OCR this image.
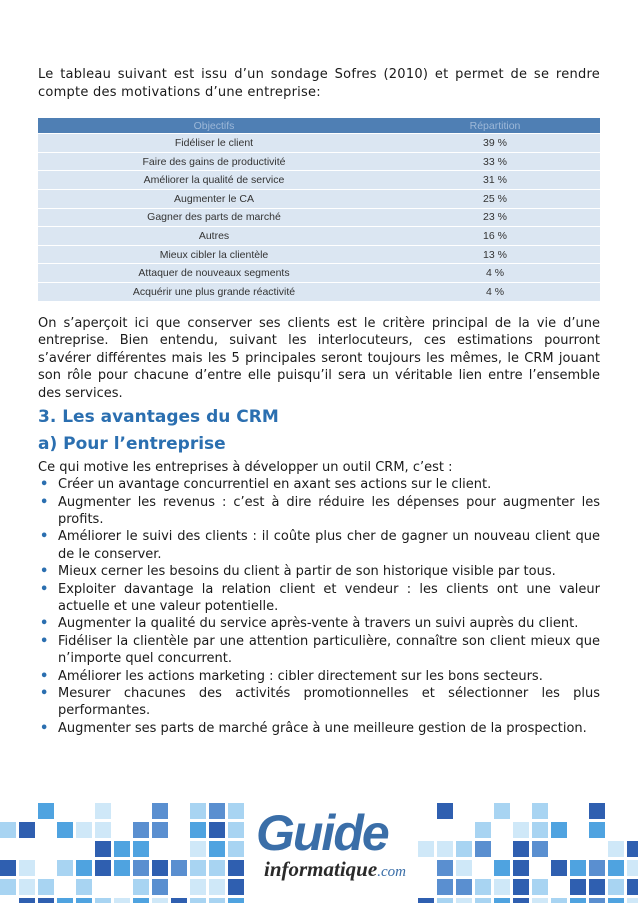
Le tableau suivant est issu d’un sondage Sofres (2010) et permet de se rendre compte des motivations d’une entreprise:

Objectifs	Répartition
Fidéliser le client	39 %
Faire des gains de productivité	33 %
Améliorer la qualité de service	31 %
Augmenter le CA	25 %
Gagner des parts de marché	23 %
Autres	16 %
Mieux cibler la clientèle	13 %
Attaquer de nouveaux segments	4 %
Acquérir une plus grande réactivité	4 %

On s’aperçoit ici que conserver ses clients est le critère principal de la vie d’une entreprise. Bien entendu, suivant les interlocuteurs, ces estimations pourront s’avérer différentes mais les 5 principales seront toujours les mêmes, le CRM jouant son rôle pour chacune d’entre elle puisqu’il sera un véritable lien entre l’ensemble des services.

3. Les avantages du CRM
a) Pour l’entreprise

Ce qui motive les entreprises à développer un outil CRM, c’est :

• Créer un avantage concurrentiel en axant ses actions sur le client.
• Augmenter les revenus : c’est à dire réduire les dépenses pour augmenter les profits.
• Améliorer le suivi des clients : il coûte plus cher de gagner un nouveau client que de le conserver.
• Mieux cerner les besoins du client à partir de son historique visible par tous.
• Exploiter davantage la relation client et vendeur : les clients ont une valeur actuelle et une valeur potentielle.
• Augmenter la qualité du service après-vente à travers un suivi auprès du client.
• Fidéliser la clientèle par une attention particulière, connaître son client mieux que n’importe quel concurrent.
• Améliorer les actions marketing : cibler directement sur les bons secteurs.
• Mesurer chacunes des activités promotionnelles et sélectionner les plus performantes.
• Augmenter ses parts de marché grâce à une meilleure gestion de la prospection.
Guide
informatique.com
